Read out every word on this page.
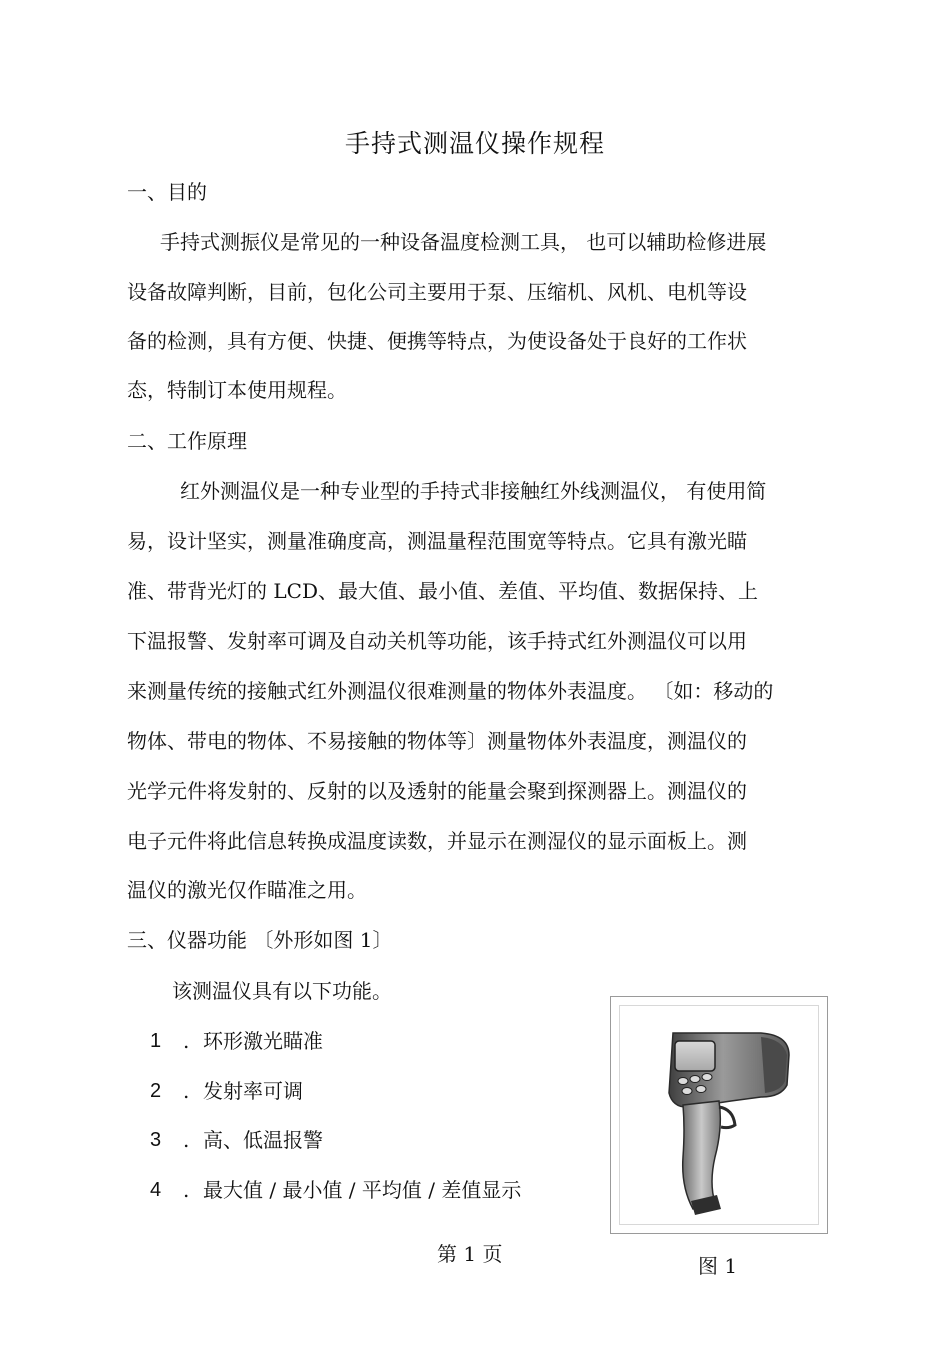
手持式测温仪操作规程
一、目的
手持式测振仪是常见的一种设备温度检测工具， 也可以辅助检修进展
设备故障判断，目前，包化公司主要用于泵、压缩机、风机、电机等设
备的检测，具有方便、快捷、便携等特点，为使设备处于良好的工作状
态，特制订本使用规程。
二、工作原理
红外测温仪是一种专业型的手持式非接触红外线测温仪， 有使用简
易，设计坚实，测量准确度高，测温量程范围宽等特点。它具有激光瞄
准、带背光灯的 LCD、最大值、最小值、差值、平均值、数据保持、上
下温报警、发射率可调及自动关机等功能，该手持式红外测温仪可以用
来测量传统的接触式红外测温仪很难测量的物体外表温度。 〔如：移动的
物体、带电的物体、不易接触的物体等〕测量物体外表温度，测温仪的
光学元件将发射的、反射的以及透射的能量会聚到探测器上。测温仪的
电子元件将此信息转换成温度读数，并显示在测湿仪的显示面板上。测
温仪的激光仅作瞄准之用。
三、仪器功能 〔外形如图 1〕
该测温仪具有以下功能。
1 . 环形激光瞄准
2 . 发射率可调
3 . 高、低温报警
4 . 最大值 / 最小值 / 平均值 / 差值显示
图 1
第 1 页
